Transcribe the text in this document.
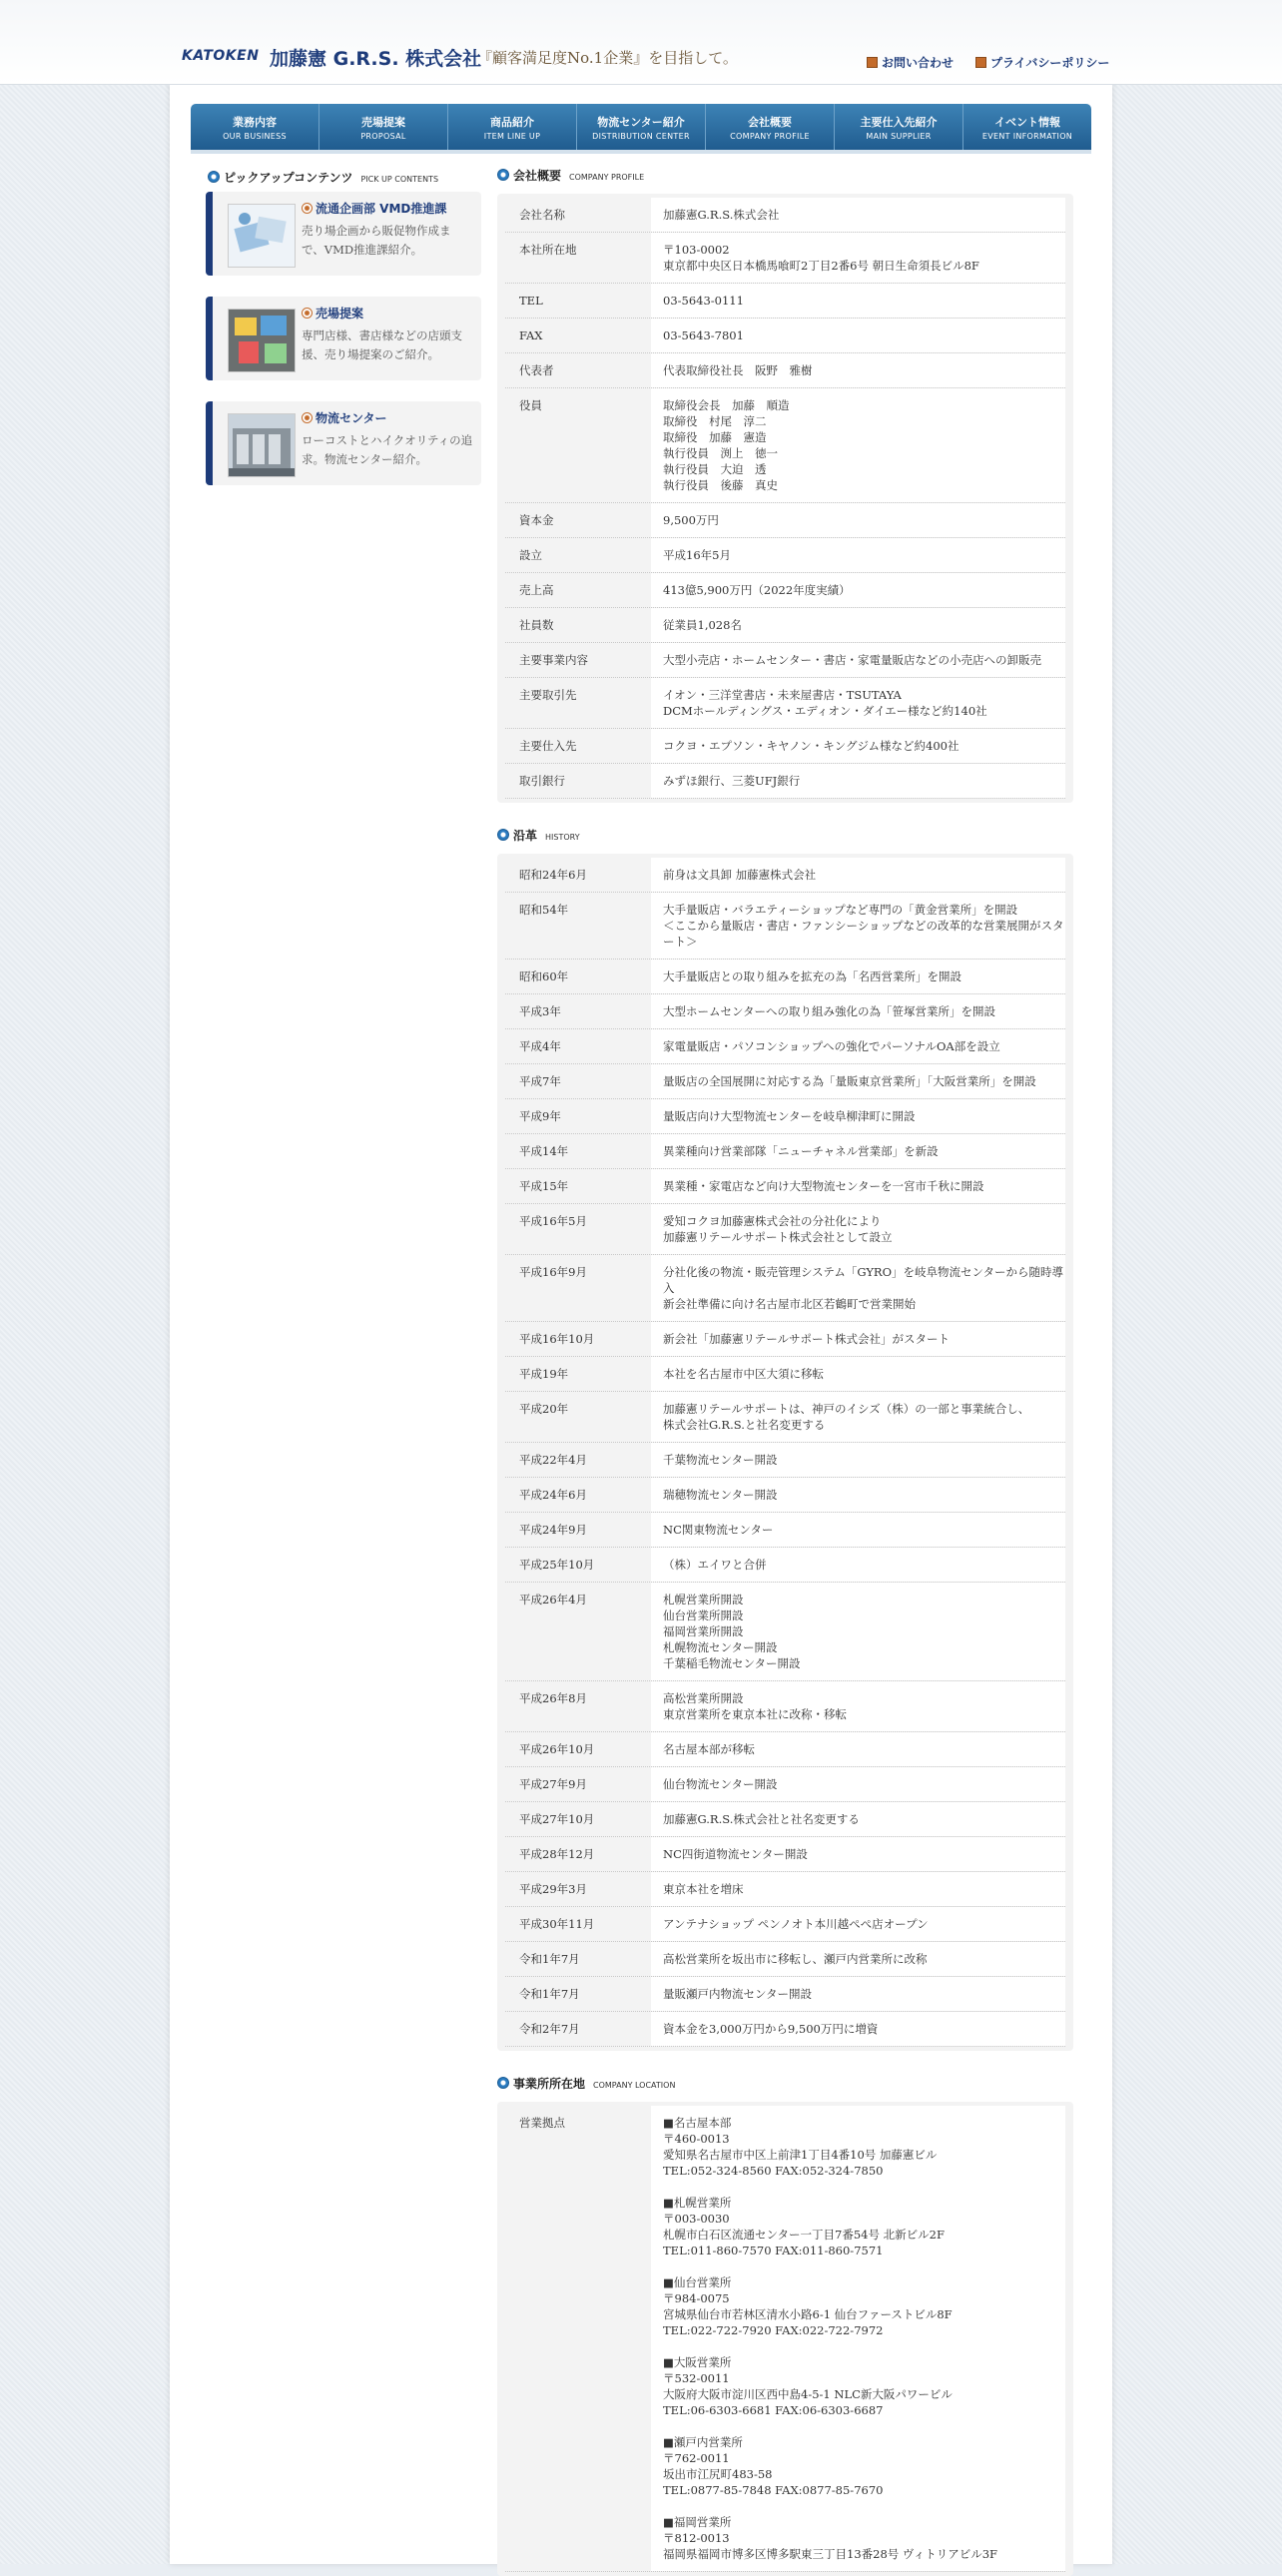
KATOKEN 加藤憲 G.R.S. 株式会社
『顧客満足度No.1企業』を目指して。	お問い合わせ	プライバシーポリシー
業務内容
OUR BUSINESS
売場提案
PROPOSAL
商品紹介
ITEM LINE UP
物流センター紹介
DISTRIBUTION CENTER
会社概要
COMPANY PROFILE
主要仕入先紹介
MAIN SUPPLIER
イベント情報
EVENT INFORMATION
ピックアップコンテンツ PICK UP CONTENTS
流通企画部 VMD推進課
売り場企画から販促物作成まで、VMD推進課紹介。
売場提案
専門店様、書店様などの店頭支援、売り場提案のご紹介。
物流センター
ローコストとハイクオリティの追求。物流センター紹介。
会社概要 COMPANY PROFILE
会社名称	加藤憲G.R.S.株式会社
本社所在地	〒103-0002
東京都中央区日本橋馬喰町2丁目2番6号 朝日生命須長ビル8F
TEL	03-5643-0111
FAX	03-5643-7801
代表者	代表取締役社長　阪野　雅樹
役員	取締役会長　加藤　順造
取締役　村尾　淳二
取締役　加藤　憲造
執行役員　渕上　徳一
執行役員　大迫　透
執行役員　後藤　真史
資本金	9,500万円
設立	平成16年5月
売上高	413億5,900万円（2022年度実績）
社員数	従業員1,028名
主要事業内容	大型小売店・ホームセンター・書店・家電量販店などの小売店への卸販売
主要取引先	イオン・三洋堂書店・未来屋書店・TSUTAYA
DCMホールディングス・エディオン・ダイエー様など約140社
主要仕入先	コクヨ・エプソン・キヤノン・キングジム様など約400社
取引銀行	みずほ銀行、三菱UFJ銀行
沿革 HISTORY
昭和24年6月	前身は文具卸 加藤憲株式会社
昭和54年	大手量販店・バラエティーショップなど専門の「黄金営業所」を開設
＜ここから量販店・書店・ファンシーショップなどの改革的な営業展開がスタート＞
昭和60年	大手量販店との取り組みを拡充の為「名西営業所」を開設
平成3年	大型ホームセンターへの取り組み強化の為「笹塚営業所」を開設
平成4年	家電量販店・パソコンショップへの強化でパーソナルOA部を設立
平成7年	量販店の全国展開に対応する為「量販東京営業所」「大阪営業所」を開設
平成9年	量販店向け大型物流センターを岐阜柳津町に開設
平成14年	異業種向け営業部隊「ニューチャネル営業部」を新設
平成15年	異業種・家電店など向け大型物流センターを一宮市千秋に開設
平成16年5月	愛知コクヨ加藤憲株式会社の分社化により
加藤憲リテールサポート株式会社として設立
平成16年9月	分社化後の物流・販売管理システム「GYRO」を岐阜物流センターから随時導入
新会社準備に向け名古屋市北区若鶴町で営業開始
平成16年10月	新会社「加藤憲リテールサポート株式会社」がスタート
平成19年	本社を名古屋市中区大須に移転
平成20年	加藤憲リテールサポートは、神戸のイシズ（株）の一部と事業統合し、
株式会社G.R.S.と社名変更する
平成22年4月	千葉物流センター開設
平成24年6月	瑞穂物流センター開設
平成24年9月	NC関東物流センター
平成25年10月	（株）エイワと合併
平成26年4月	札幌営業所開設
仙台営業所開設
福岡営業所開設
札幌物流センター開設
千葉稲毛物流センター開設
平成26年8月	高松営業所開設
東京営業所を東京本社に改称・移転
平成26年10月	名古屋本部が移転
平成27年9月	仙台物流センター開設
平成27年10月	加藤憲G.R.S.株式会社と社名変更する
平成28年12月	NC四街道物流センター開設
平成29年3月	東京本社を増床
平成30年11月	アンテナショップ ペンノオト本川越ぺぺ店オープン
令和1年7月	高松営業所を坂出市に移転し、瀬戸内営業所に改称
令和1年7月	量販瀬戸内物流センター開設
令和2年7月	資本金を3,000万円から9,500万円に増資
事業所所在地 COMPANY LOCATION
営業拠点	■名古屋本部
〒460-0013
愛知県名古屋市中区上前津1丁目4番10号 加藤憲ビル
TEL:052-324-8560 FAX:052-324-7850

■札幌営業所
〒003-0030
札幌市白石区流通センター一丁目7番54号 北新ビル2F
TEL:011-860-7570 FAX:011-860-7571

■仙台営業所
〒984-0075
宮城県仙台市若林区清水小路6-1 仙台ファーストビル8F
TEL:022-722-7920 FAX:022-722-7972

■大阪営業所
〒532-0011
大阪府大阪市淀川区西中島4-5-1 NLC新大阪パワービル
TEL:06-6303-6681 FAX:06-6303-6687

■瀬戸内営業所
〒762-0011
坂出市江尻町483-58
TEL:0877-85-7848 FAX:0877-85-7670

■福岡営業所
〒812-0013
福岡県福岡市博多区博多駅東三丁目13番28号 ヴィトリアビル3F
